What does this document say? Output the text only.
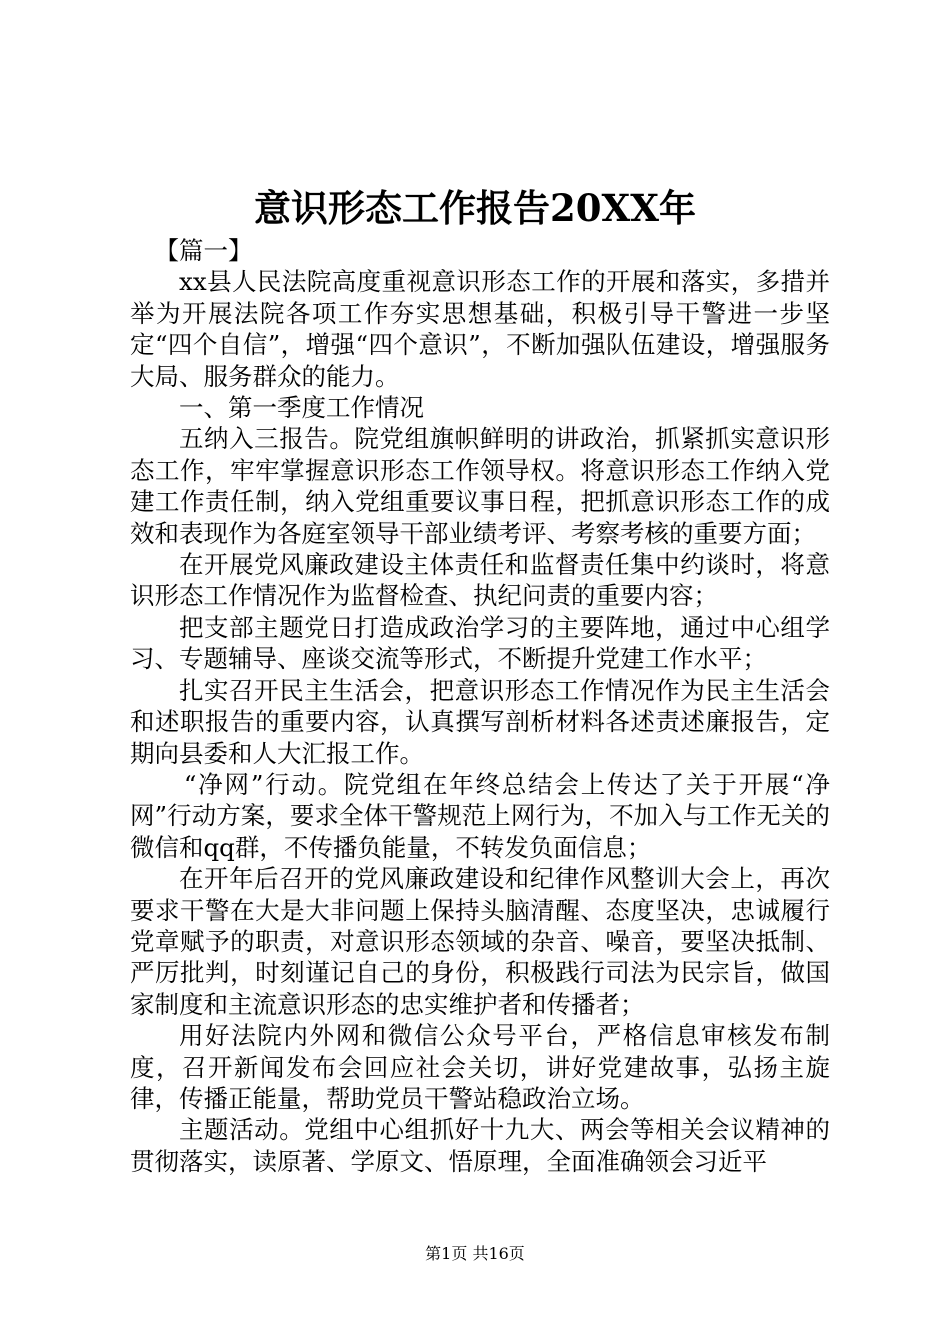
意识形态工作报告20XX年

【篇一】

xx县人民法院高度重视意识形态工作的开展和落实，多措并举为开展法院各项工作夯实思想基础，积极引导干警进一步坚定“四个自信”，增强“四个意识”，不断加强队伍建设，增强服务大局、服务群众的能力。

一、第一季度工作情况

五纳入三报告。院党组旗帜鲜明的讲政治，抓紧抓实意识形态工作，牢牢掌握意识形态工作领导权。将意识形态工作纳入党建工作责任制，纳入党组重要议事日程，把抓意识形态工作的成效和表现作为各庭室领导干部业绩考评、考察考核的重要方面；

在开展党风廉政建设主体责任和监督责任集中约谈时，将意识形态工作情况作为监督检查、执纪问责的重要内容；

把支部主题党日打造成政治学习的主要阵地，通过中心组学习、专题辅导、座谈交流等形式，不断提升党建工作水平；

扎实召开民主生活会，把意识形态工作情况作为民主生活会和述职报告的重要内容，认真撰写剖析材料各述责述廉报告，定期向县委和人大汇报工作。

“净网”行动。院党组在年终总结会上传达了关于开展“净网”行动方案，要求全体干警规范上网行为，不加入与工作无关的微信和qq群，不传播负能量，不转发负面信息；

在开年后召开的党风廉政建设和纪律作风整训大会上，再次要求干警在大是大非问题上保持头脑清醒、态度坚决，忠诚履行党章赋予的职责，对意识形态领域的杂音、噪音，要坚决抵制、严厉批判，时刻谨记自己的身份，积极践行司法为民宗旨，做国家制度和主流意识形态的忠实维护者和传播者；

用好法院内外网和微信公众号平台，严格信息审核发布制度，召开新闻发布会回应社会关切，讲好党建故事，弘扬主旋律，传播正能量，帮助党员干警站稳政治立场。

主题活动。党组中心组抓好十九大、两会等相关会议精神的贯彻落实，读原著、学原文、悟原理，全面准确领会习近平

第1页 共16页
